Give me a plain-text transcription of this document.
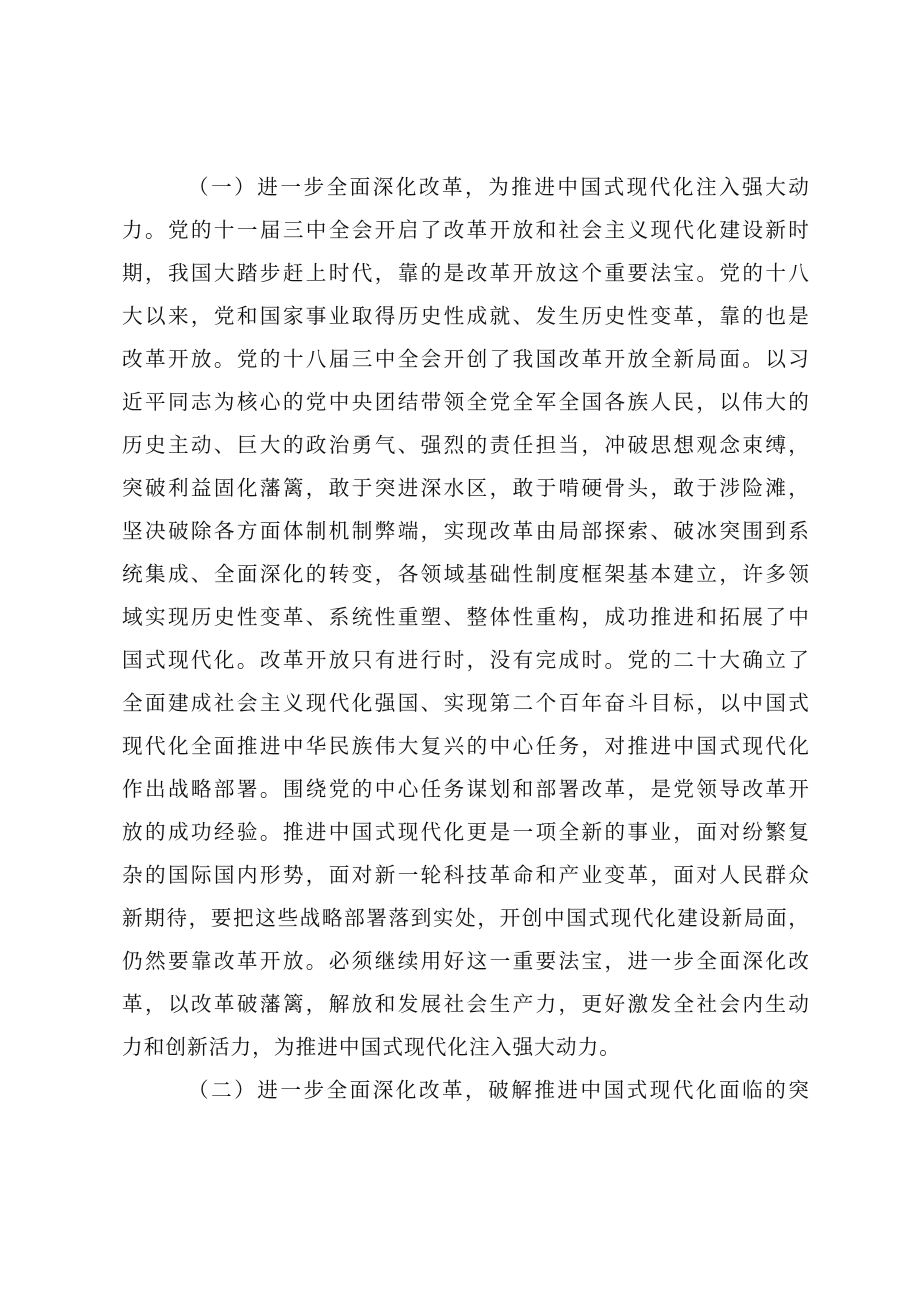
（一）进一步全面深化改革，为推进中国式现代化注入强大动
力。党的十一届三中全会开启了改革开放和社会主义现代化建设新时
期，我国大踏步赶上时代，靠的是改革开放这个重要法宝。党的十八
大以来，党和国家事业取得历史性成就、发生历史性变革，靠的也是
改革开放。党的十八届三中全会开创了我国改革开放全新局面。以习
近平同志为核心的党中央团结带领全党全军全国各族人民，以伟大的
历史主动、巨大的政治勇气、强烈的责任担当，冲破思想观念束缚，
突破利益固化藩篱，敢于突进深水区，敢于啃硬骨头，敢于涉险滩，
坚决破除各方面体制机制弊端，实现改革由局部探索、破冰突围到系
统集成、全面深化的转变，各领域基础性制度框架基本建立，许多领
域实现历史性变革、系统性重塑、整体性重构，成功推进和拓展了中
国式现代化。改革开放只有进行时，没有完成时。党的二十大确立了
全面建成社会主义现代化强国、实现第二个百年奋斗目标，以中国式
现代化全面推进中华民族伟大复兴的中心任务，对推进中国式现代化
作出战略部署。围绕党的中心任务谋划和部署改革，是党领导改革开
放的成功经验。推进中国式现代化更是一项全新的事业，面对纷繁复
杂的国际国内形势，面对新一轮科技革命和产业变革，面对人民群众
新期待，要把这些战略部署落到实处，开创中国式现代化建设新局面，
仍然要靠改革开放。必须继续用好这一重要法宝，进一步全面深化改
革，以改革破藩篱，解放和发展社会生产力，更好激发全社会内生动
力和创新活力，为推进中国式现代化注入强大动力。
（二）进一步全面深化改革，破解推进中国式现代化面临的突
